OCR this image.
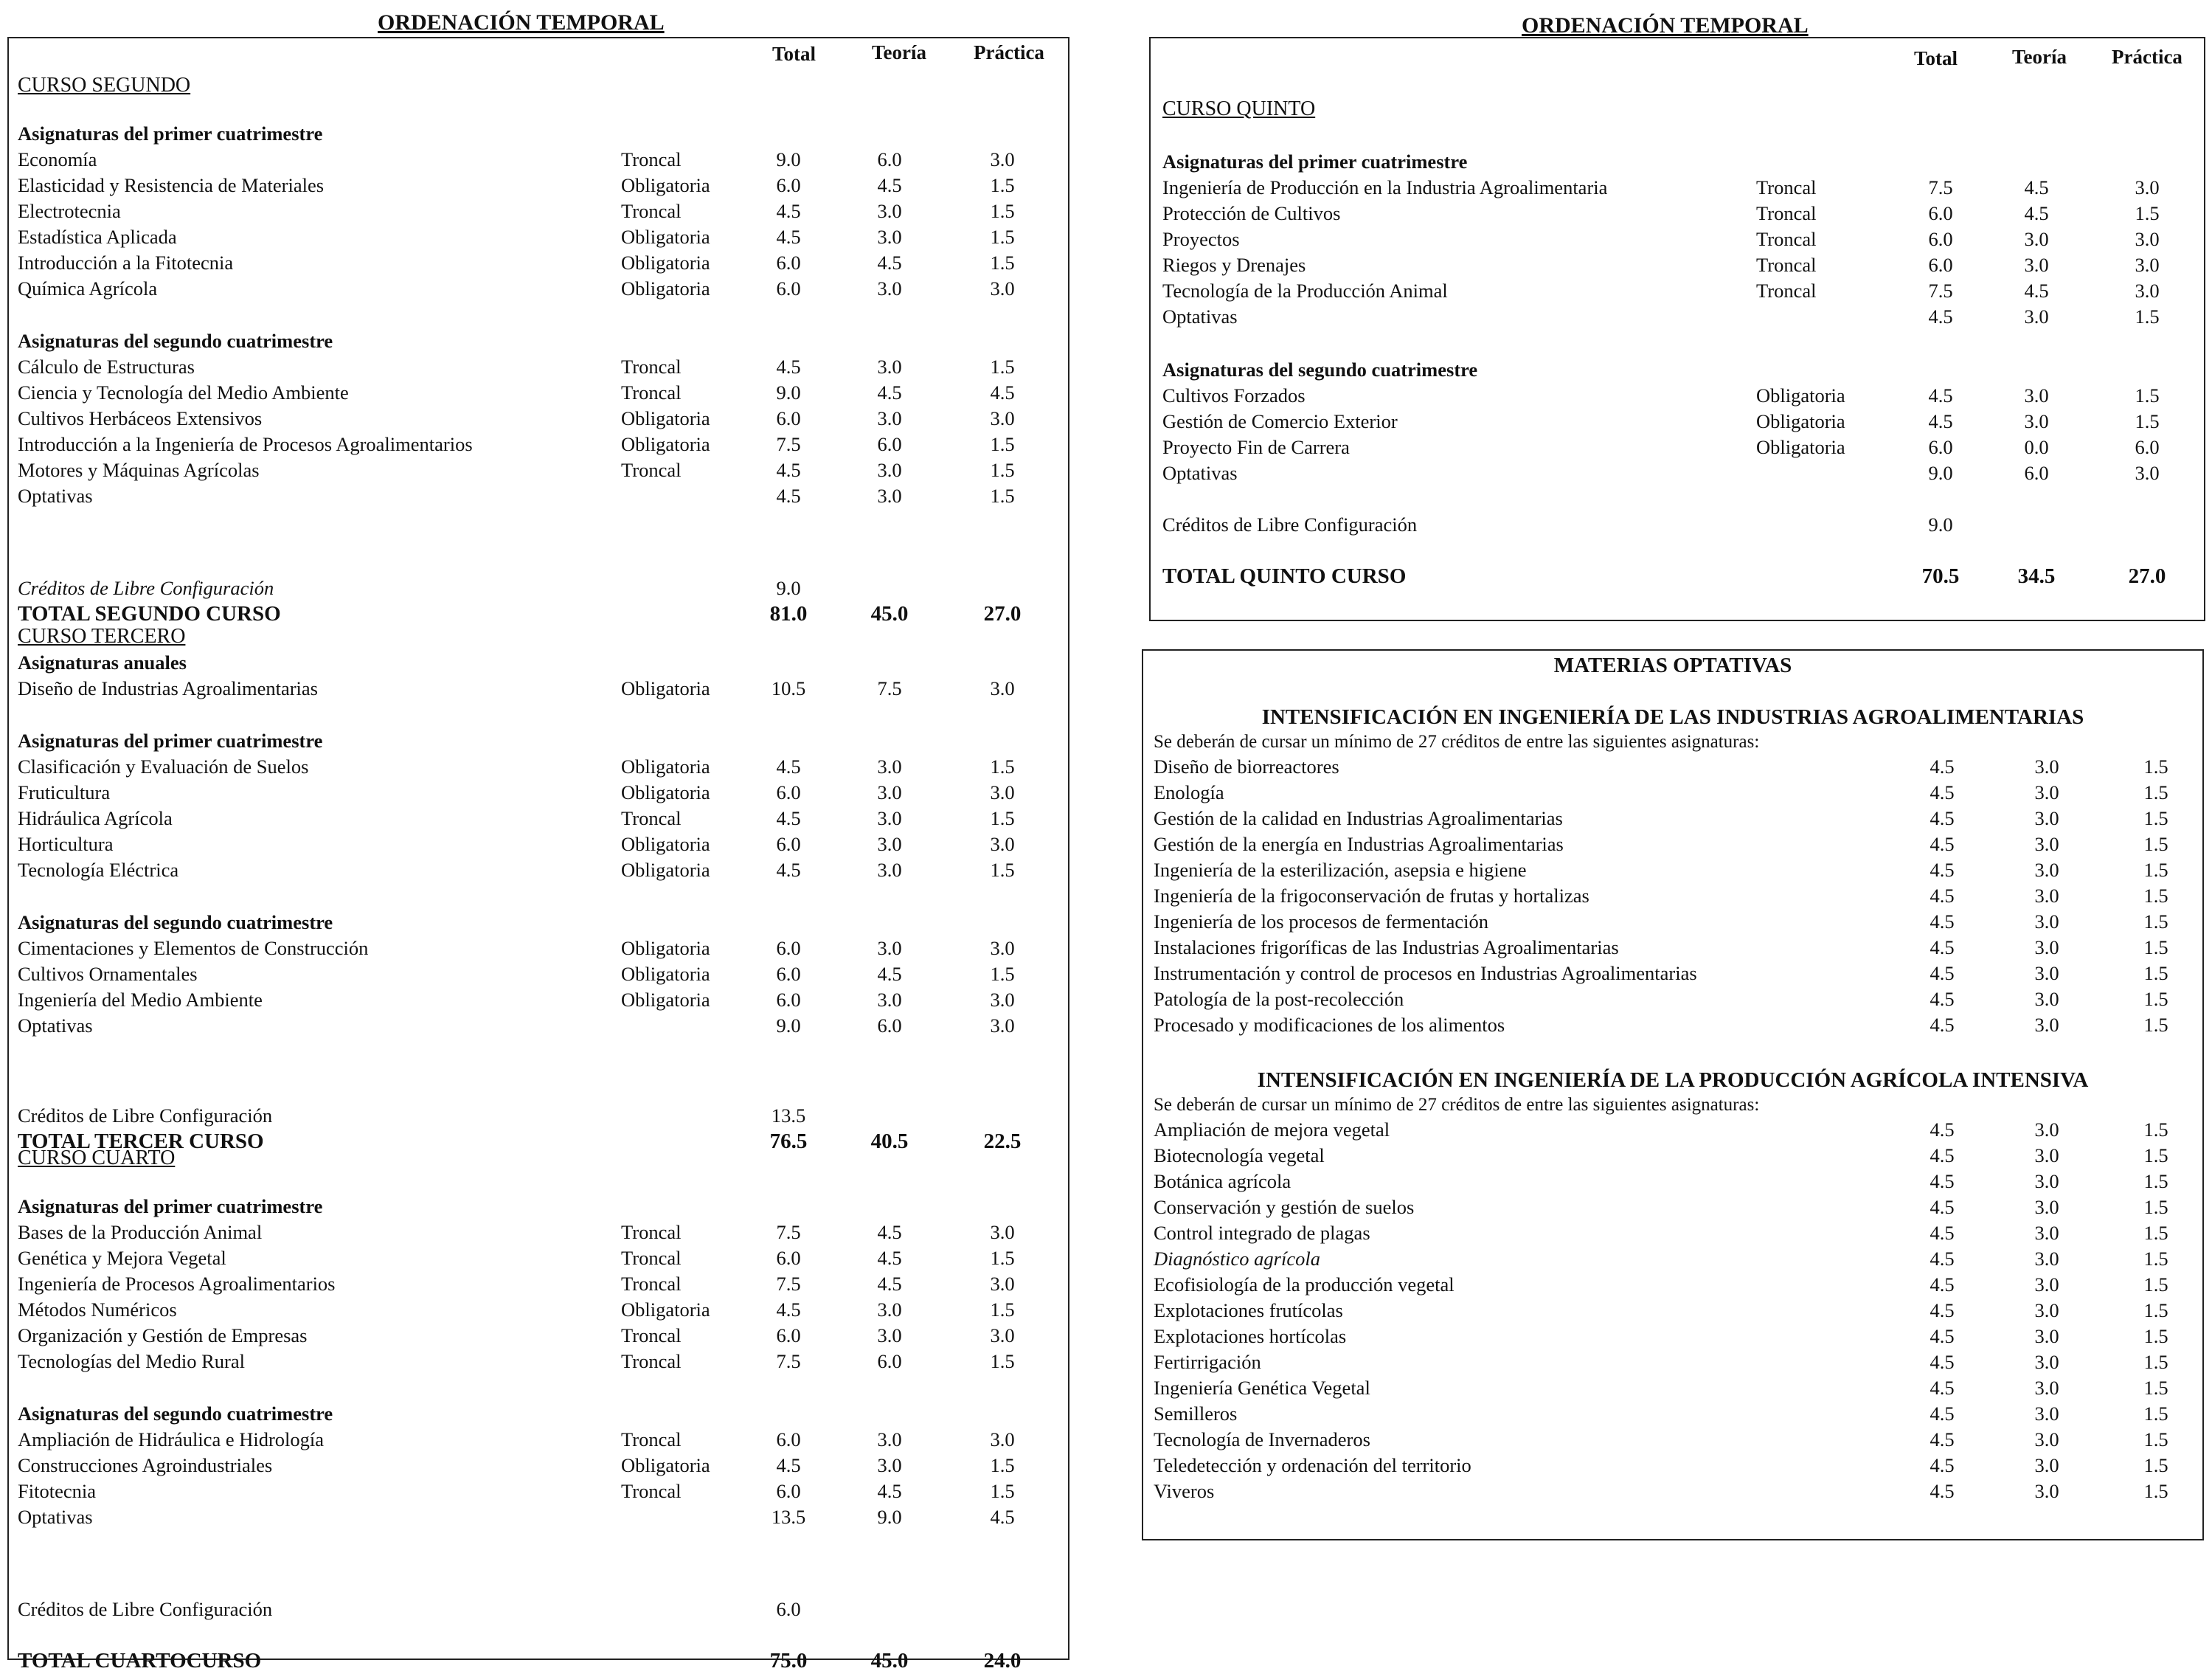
ORDENACIÓN TEMPORAL
Total	Teoría Práctica
CURSO SEGUNDO
Asignaturas del primer cuatrimestre
Economía	Troncal	9.0	6.0	3.0
Elasticidad y Resistencia de Materiales	Obligatoria	6.0	4.5	1.5
Electrotecnia	Troncal	4.5	3.0	1.5
Estadística Aplicada	Obligatoria	4.5	3.0	1.5
Introducción a la Fitotecnia	Obligatoria	6.0	4.5	1.5
Química Agrícola	Obligatoria	6.0	3.0	3.0
Asignaturas del segundo cuatrimestre
Cálculo de Estructuras	Troncal	4.5	3.0	1.5
Ciencia y Tecnología del Medio Ambiente	Troncal	9.0	4.5	4.5
Cultivos Herbáceos Extensivos	Obligatoria	6.0	3.0	3.0
Introducción a la Ingeniería de Procesos Agroalimentarios	Obligatoria	7.5	6.0	1.5
Motores y Máquinas Agrícolas	Troncal	4.5	3.0	1.5
Optativas	4.5	3.0	1.5
Créditos de Libre Configuración	9.0
TOTAL SEGUNDO CURSO	81.0	45.0	27.0
CURSO TERCERO
Asignaturas anuales
Diseño de Industrias Agroalimentarias	Obligatoria	10.5	7.5	3.0
Asignaturas del primer cuatrimestre
Clasificación y Evaluación de Suelos	Obligatoria	4.5	3.0	1.5
Fruticultura	Obligatoria	6.0	3.0	3.0
Hidráulica Agrícola	Troncal	4.5	3.0	1.5
Horticultura	Obligatoria	6.0	3.0	3.0
Tecnología Eléctrica	Obligatoria	4.5	3.0	1.5
Asignaturas del segundo cuatrimestre
Cimentaciones y Elementos de Construcción	Obligatoria	6.0	3.0	3.0
Cultivos Ornamentales	Obligatoria	6.0	4.5	1.5
Ingeniería del Medio Ambiente	Obligatoria	6.0	3.0	3.0
Optativas	9.0	6.0	3.0
Créditos de Libre Configuración	13.5
TOTAL TERCER CURSO	76.5	40.5	22.5
CURSO CUARTO
Asignaturas del primer cuatrimestre
Bases de la Producción Animal	Troncal	7.5	4.5	3.0
Genética y Mejora Vegetal	Troncal	6.0	4.5	1.5
Ingeniería de Procesos Agroalimentarios	Troncal	7.5	4.5	3.0
Métodos Numéricos	Obligatoria	4.5	3.0	1.5
Organización y Gestión de Empresas	Troncal	6.0	3.0	3.0
Tecnologías del Medio Rural	Troncal	7.5	6.0	1.5
Asignaturas del segundo cuatrimestre
Ampliación de Hidráulica e Hidrología	Troncal	6.0	3.0	3.0
Construcciones Agroindustriales	Obligatoria	4.5	3.0	1.5
Fitotecnia	Troncal	6.0	4.5	1.5
Optativas	13.5	9.0	4.5
Créditos de Libre Configuración	6.0
TOTAL CUARTOCURSO	75.0	45.0	24.0
ORDENACIÓN TEMPORAL
Total	Teoría Práctica
CURSO QUINTO
Asignaturas del primer cuatrimestre
Ingeniería de Producción en la Industria Agroalimentaria	Troncal	7.5	4.5	3.0
Protección de Cultivos	Troncal	6.0	4.5	1.5
Proyectos	Troncal	6.0	3.0	3.0
Riegos y Drenajes	Troncal	6.0	3.0	3.0
Tecnología de la Producción Animal	Troncal	7.5	4.5	3.0
Optativas	4.5	3.0	1.5
Asignaturas del segundo cuatrimestre
Cultivos Forzados	Obligatoria	4.5	3.0	1.5
Gestión de Comercio Exterior	Obligatoria	4.5	3.0	1.5
Proyecto Fin de Carrera	Obligatoria	6.0	0.0	6.0
Optativas	9.0	6.0	3.0
Créditos de Libre Configuración	9.0
TOTAL QUINTO CURSO	70.5	34.5	27.0
MATERIAS OPTATIVAS
INTENSIFICACIÓN EN INGENIERÍA DE LAS INDUSTRIAS AGROALIMENTARIAS
Se deberán de cursar un mínimo de 27 créditos de entre las siguientes asignaturas:
Diseño de biorreactores	4.5	3.0	1.5
Enología	4.5	3.0	1.5
Gestión de la calidad en Industrias Agroalimentarias	4.5	3.0	1.5
Gestión de la energía en Industrias Agroalimentarias	4.5	3.0	1.5
Ingeniería de la esterilización, asepsia e higiene	4.5	3.0	1.5
Ingeniería de la frigoconservación de frutas y hortalizas	4.5	3.0	1.5
Ingeniería de los procesos de fermentación	4.5	3.0	1.5
Instalaciones frigoríficas de las Industrias Agroalimentarias	4.5	3.0	1.5
Instrumentación y control de procesos en Industrias Agroalimentarias	4.5	3.0	1.5
Patología de la post-recolección	4.5	3.0	1.5
Procesado y modificaciones de los alimentos	4.5	3.0	1.5
INTENSIFICACIÓN EN INGENIERÍA DE LA PRODUCCIÓN AGRÍCOLA INTENSIVA
Se deberán de cursar un mínimo de 27 créditos de entre las siguientes asignaturas:
Ampliación de mejora vegetal	4.5	3.0	1.5
Biotecnología vegetal	4.5	3.0	1.5
Botánica agrícola	4.5	3.0	1.5
Conservación y gestión de suelos	4.5	3.0	1.5
Control integrado de plagas	4.5	3.0	1.5
Diagnóstico agrícola	4.5	3.0	1.5
Ecofisiología de la producción vegetal	4.5	3.0	1.5
Explotaciones frutícolas	4.5	3.0	1.5
Explotaciones hortícolas	4.5	3.0	1.5
Fertirrigación	4.5	3.0	1.5
Ingeniería Genética Vegetal	4.5	3.0	1.5
Semilleros	4.5	3.0	1.5
Tecnología de Invernaderos	4.5	3.0	1.5
Teledetección y ordenación del territorio	4.5	3.0	1.5
Viveros	4.5	3.0	1.5
